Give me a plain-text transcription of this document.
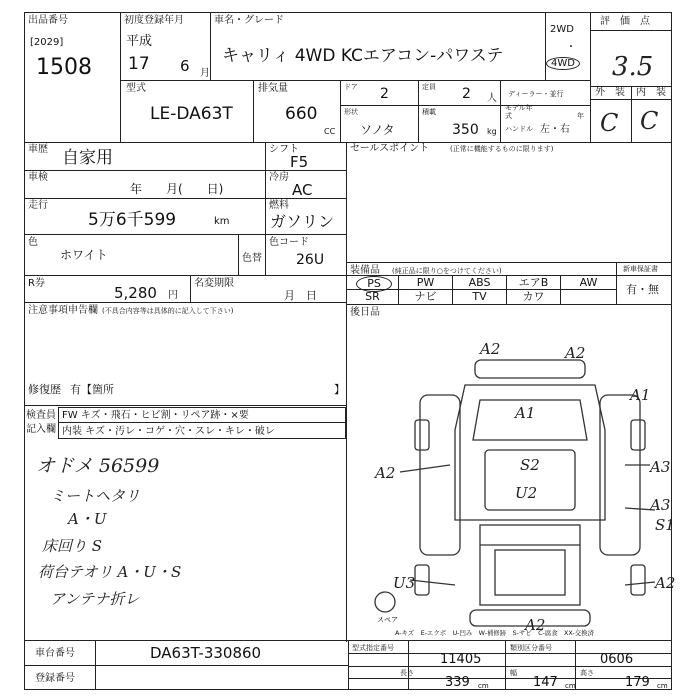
出品番号
[2029]
1508
初度登録年月
平成
17 6 月
車名・グレード
キャリィ 4WD KCエアコン-パワステ
2WD
・
4WD
評　価　点
3.5
外　装 内　装
C C
型式
LE-DA63T
排気量
660
CC
ドア 2	定員 2 人 ディーラー・並行
形状
ソノタ
積載
350 kg
モデル年式	年
ハンドル 左・右
車歴 自家用	シフト
F5
車検
年　　月(　　日)
冷房
AC
走行
5万6千599	km
燃料
ガソリン
色
ホワイト	色替
色コード
26U
R券
5,280 円
名変期限
月　日
注意事項申告欄 (不具合内容等は具体的に記入して下さい)
修復歴 有【箇所	】
セールスポイント	(正常に機能するものに限ります)
装備品 (純正品に限り○をつけてください)	新車保証書
有・無
PS	PW	ABS	エアB	AW
SR	ナビ	TV	カワ
後日品
検査員
記入欄
FW キズ・飛石・ヒビ割・リペア跡・×要
内装 キズ・汚レ・コゲ・穴・スレ・キレ・破レ
オドメ 56599
ミートヘタリ
A・U
床回り S
荷台テオリ A・U・S
アンテナ折レ
A2	A2
A1
A3
A3
S1
A2
A2
A2
A1
S2
U2
U3
スペア
A-キズ　E-エクボ　U-凹み　W-補修跡　S-サビ　C-腐食　XX-交換済
車台番号	DA63T-330860
登録番号
型式指定番号
11405
類別区分番号
0606
長さ
339 cm
幅
147 cm
高さ
179 cm
